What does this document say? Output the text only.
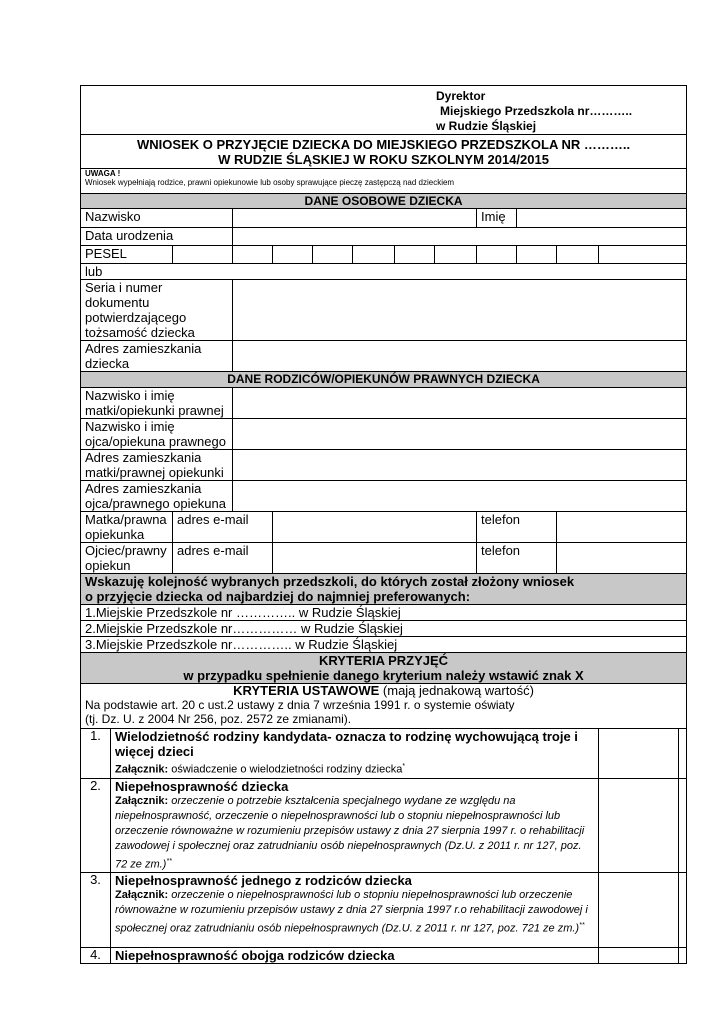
Dyrektor
Miejskiego Przedszkola nr………..
w Rudzie Śląskiej													

WNIOSEK O PRZYJĘCIE DZIECKA DO MIEJSKIEGO PRZEDSZKOLA NR ………..
W RUDZIE ŚLĄSKIEJ W ROKU SZKOLNYM 2014/2015													

UWAGA !
Wniosek wypełniają rodzice, prawni opiekunowie lub osoby sprawujące pieczę zastępczą nad dzieckiem													

DANE OSOBOWE DZIECKA													
Nazwisko									Imię				
Data urodzenia													
PESEL													
lub													
Seria i numer dokumentu potwierdzającego tożsamość dziecka													
Adres zamieszkania dziecka													
DANE RODZICÓW/OPIEKUNÓW PRAWNYCH DZIECKA													
Nazwisko i imię matki/opiekunki prawnej													
Nazwisko i imię ojca/opiekuna prawnego													
Adres zamieszkania matki/prawnej opiekunki													
Adres zamieszkania ojca/prawnego opiekuna													
Matka/prawna opiekunka		adres e-mail							telefon				
Ojciec/prawny opiekun		adres e-mail							telefon				

Wskazuję kolejność wybranych przedszkoli, do których został złożony wniosek
o przyjęcie dziecka od najbardziej do najmniej preferowanych:													

1.Miejskie Przedszkole nr ………….. w Rudzie Śląskiej													
2.Miejskie Przedszkole nr…………… w Rudzie Śląskiej													
3.Miejskie Przedszkole nr………….. w Rudzie Śląskiej													

KRYTERIA PRZYJĘĆ
w przypadku spełnienie danego kryterium należy wstawić znak X													

KRYTERIA USTAWOWE (mają jednakową wartość)
Na podstawie art. 20 c ust.2 ustawy z dnia 7 września 1991 r. o systemie oświaty
(tj. Dz. U. z 2004 Nr 256, poz. 2572 ze zmianami).													

1.	Wielodzietność rodziny kandydata- oznacza to rodzinę wychowującą troje i więcej dzieci
Załącznik: oświadczenie o wielodzietności rodziny dziecka*

2.	Niepełnosprawność dziecka
Załącznik: orzeczenie o potrzebie kształcenia specjalnego wydane ze względu na niepełnosprawność, orzeczenie o niepełnosprawności lub o stopniu niepełnosprawności lub orzeczenie równoważne w rozumieniu przepisów ustawy z dnia 27 sierpnia 1997 r. o rehabilitacji zawodowej i społecznej oraz zatrudnianiu osób niepełnosprawnych (Dz.U. z 2011 r. nr 127, poz. 72 ze zm.)**

3.	Niepełnosprawność jednego z rodziców dziecka
Załącznik: orzeczenie o niepełnosprawności lub o stopniu niepełnosprawności lub orzeczenie równoważne w rozumieniu przepisów ustawy z dnia 27 sierpnia 1997 r.o rehabilitacji zawodowej i społecznej oraz zatrudnianiu osób niepełnosprawnych (Dz.U. z 2011 r. nr 127, poz. 721 ze zm.)**

4.	Niepełnosprawność obojga rodziców dziecka												
